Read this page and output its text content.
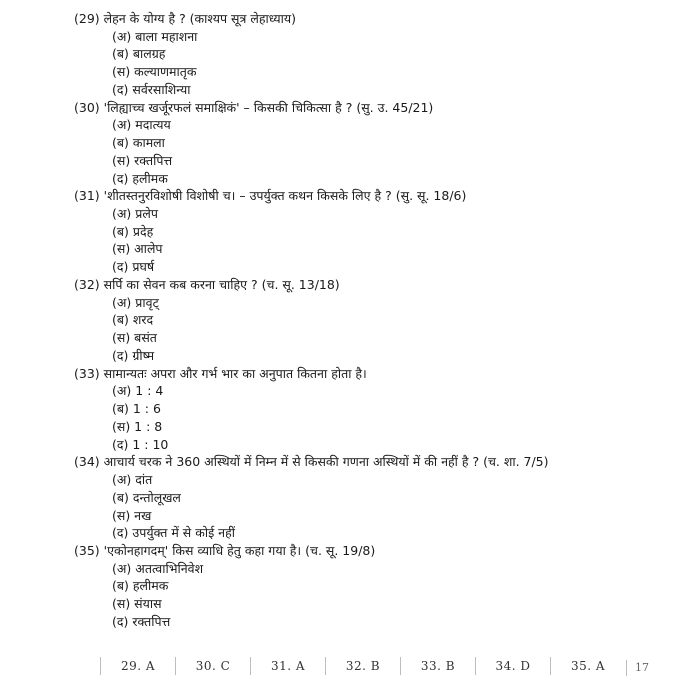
(29) लेहन के योग्य है ? (काश्यप सूत्र लेहाध्याय)
(अ) बाला महाशना
(ब) बालग्रह
(स) कल्याणमातृक
(द) सर्वरसाशिन्या
(30) 'लिह्याच्च खर्जूरफलं समाक्षिकं' – किसकी चिकित्सा है ? (सु. उ. 45/21)
(अ) मदात्यय
(ब) कामला
(स) रक्तपित्त
(द) हलीमक
(31) 'शीतस्तनुरविशोषी विशोषी च। – उपर्युक्त कथन किसके लिए है ? (सु. सू. 18/6)
(अ) प्रलेप
(ब) प्रदेह
(स) आलेप
(द) प्रघर्ष
(32) सर्पि का सेवन कब करना चाहिए ? (च. सू. 13/18)
(अ) प्रावृट्
(ब) शरद
(स) बसंत
(द) ग्रीष्म
(33) सामान्यतः अपरा और गर्भ भार का अनुपात कितना होता है।
(अ) 1 : 4
(ब) 1 : 6
(स) 1 : 8
(द) 1 : 10
(34) आचार्य चरक ने 360 अस्थियों में निम्न में से किसकी गणना अस्थियों में की नहीं है ? (च. शा. 7/5)
(अ) दांत
(ब) दन्तोलूखल
(स) नख
(द) उपर्युक्त में से कोई नहीं
(35) 'एकोनहागदम्' किस व्याधि हेतु कहा गया है। (च. सू. 19/8)
(अ) अतत्वाभिनिवेश
(ब) हलीमक
(स) संयास
(द) रक्तपित्त
29. A	30. C	31. A	32. B	33. B	34. D	35. A	17
